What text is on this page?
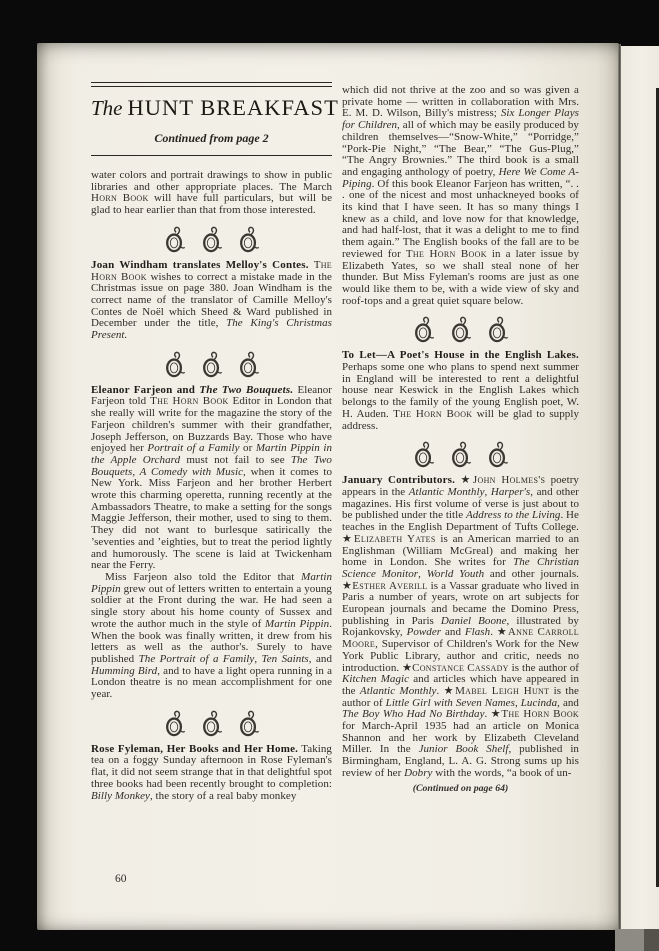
The HUNT BREAKFAST
Continued from page 2

water colors and portrait drawings to show in public libraries and other appropriate places. The March Horn Book will have full particulars, but will be glad to hear earlier than that from those interested.

Joan Windham translates Melloy's Contes. The Horn Book wishes to correct a mistake made in the Christmas issue on page 380. Joan Windham is the correct name of the translator of Camille Melloy's Contes de Noël which Sheed & Ward published in December under the title, The King's Christmas Present.

Eleanor Farjeon and The Two Bouquets. Eleanor Farjeon told The Horn Book Editor in London that she really will write for the magazine the story of the Farjeon children's summer with their grandfather, Joseph Jefferson, on Buzzards Bay. Those who have enjoyed her Portrait of a Family or Martin Pippin in the Apple Orchard must not fail to see The Two Bouquets, A Comedy with Music, when it comes to New York. Miss Farjeon and her brother Herbert wrote this charming operetta, running recently at the Ambassadors Theatre, to make a setting for the songs Maggie Jefferson, their mother, used to sing to them. They did not want to burlesque satirically the ’seventies and ’eighties, but to treat the period lightly and humorously. The scene is laid at Twickenham near the Ferry.

Miss Farjeon also told the Editor that Martin Pippin grew out of letters written to entertain a young soldier at the Front during the war. He had seen a single story about his home county of Sussex and wrote the author much in the style of Martin Pippin. When the book was finally written, it drew from his letters as well as the author's. Surely to have published The Portrait of a Family, Ten Saints, and Humming Bird, and to have a light opera running in a London theatre is no mean accomplishment for one year.

Rose Fyleman, Her Books and Her Home. Taking tea on a foggy Sunday afternoon in Rose Fyleman's flat, it did not seem strange that in that delightful spot three books had been recently brought to completion: Billy Monkey, the story of a real baby monkey

which did not thrive at the zoo and so was given a private home — written in collaboration with Mrs. E. M. D. Wilson, Billy's mistress; Six Longer Plays for Children, all of which may be easily produced by children themselves—“Snow-White,” “Porridge,” “Pork-Pie Night,” “The Bear,” “The Gus-Plug,” “The Angry Brownies.” The third book is a small and engaging anthology of poetry, Here We Come A-Piping. Of this book Eleanor Farjeon has written, “. . . one of the nicest and most unhackneyed books of its kind that I have seen. It has so many things I knew as a child, and love now for that knowledge, and had half-lost, that it was a delight to me to find them again.” The English books of the fall are to be reviewed for The Horn Book in a later issue by Elizabeth Yates, so we shall steal none of her thunder. But Miss Fyleman's rooms are just as one would like them to be, with a wide view of sky and roof-tops and a great quiet square below.

To Let—A Poet's House in the English Lakes. Perhaps some one who plans to spend next summer in England will be interested to rent a delightful house near Keswick in the English Lakes which belongs to the family of the young English poet, W. H. Auden. The Horn Book will be glad to supply address.

January Contributors. ★John Holmes's poetry appears in the Atlantic Monthly, Harper's, and other magazines. His first volume of verse is just about to be published under the title Address to the Living. He teaches in the English Department of Tufts College. ★Elizabeth Yates is an American married to an Englishman (William McGreal) and making her home in London. She writes for The Christian Science Monitor, World Youth and other journals. ★Esther Averill is a Vassar graduate who lived in Paris a number of years, wrote on art subjects for European journals and became the Domino Press, publishing in Paris Daniel Boone, illustrated by Rojankovsky, Powder and Flash. ★Anne Carroll Moore, Supervisor of Children's Work for the New York Public Library, author and critic, needs no introduction. ★Constance Cassady is the author of Kitchen Magic and articles which have appeared in the Atlantic Monthly. ★Mabel Leigh Hunt is the author of Little Girl with Seven Names, Lucinda, and The Boy Who Had No Birthday. ★The Horn Book for March-April 1935 had an article on Monica Shannon and her work by Elizabeth Cleveland Miller. In the Junior Book Shelf, published in Birmingham, England, L. A. G. Strong sums up his review of her Dobry with the words, “a book of un-

(Continued on page 64)
60
